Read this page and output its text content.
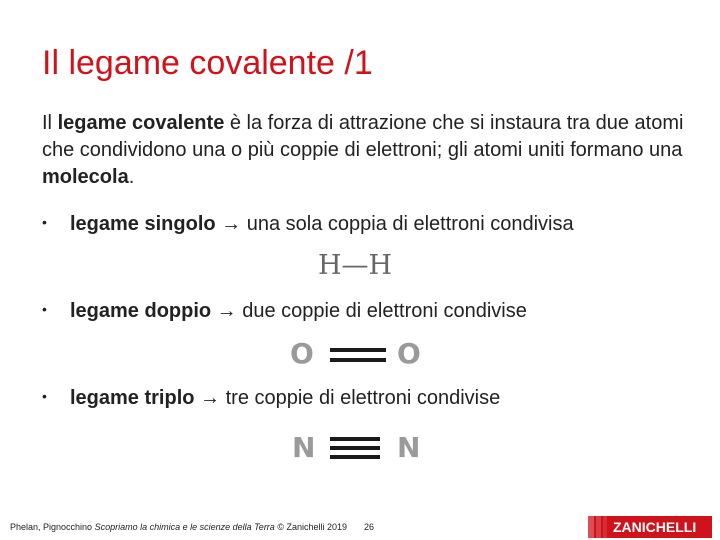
Il legame covalente /1

Il legame covalente è la forza di attrazione che si instaura tra due atomi che condividono una o più coppie di elettroni; gli atomi uniti formano una molecola.

• legame singolo → una sola coppia di elettroni condivisa
H—H
• legame doppio → due coppie di elettroni condivise
O	O
• legame triplo → tre coppie di elettroni condivise
N	N
Phelan, Pignocchino Scopriamo la chimica e le scienze della Terra © Zanichelli 2019 26	ZANICHELLI
